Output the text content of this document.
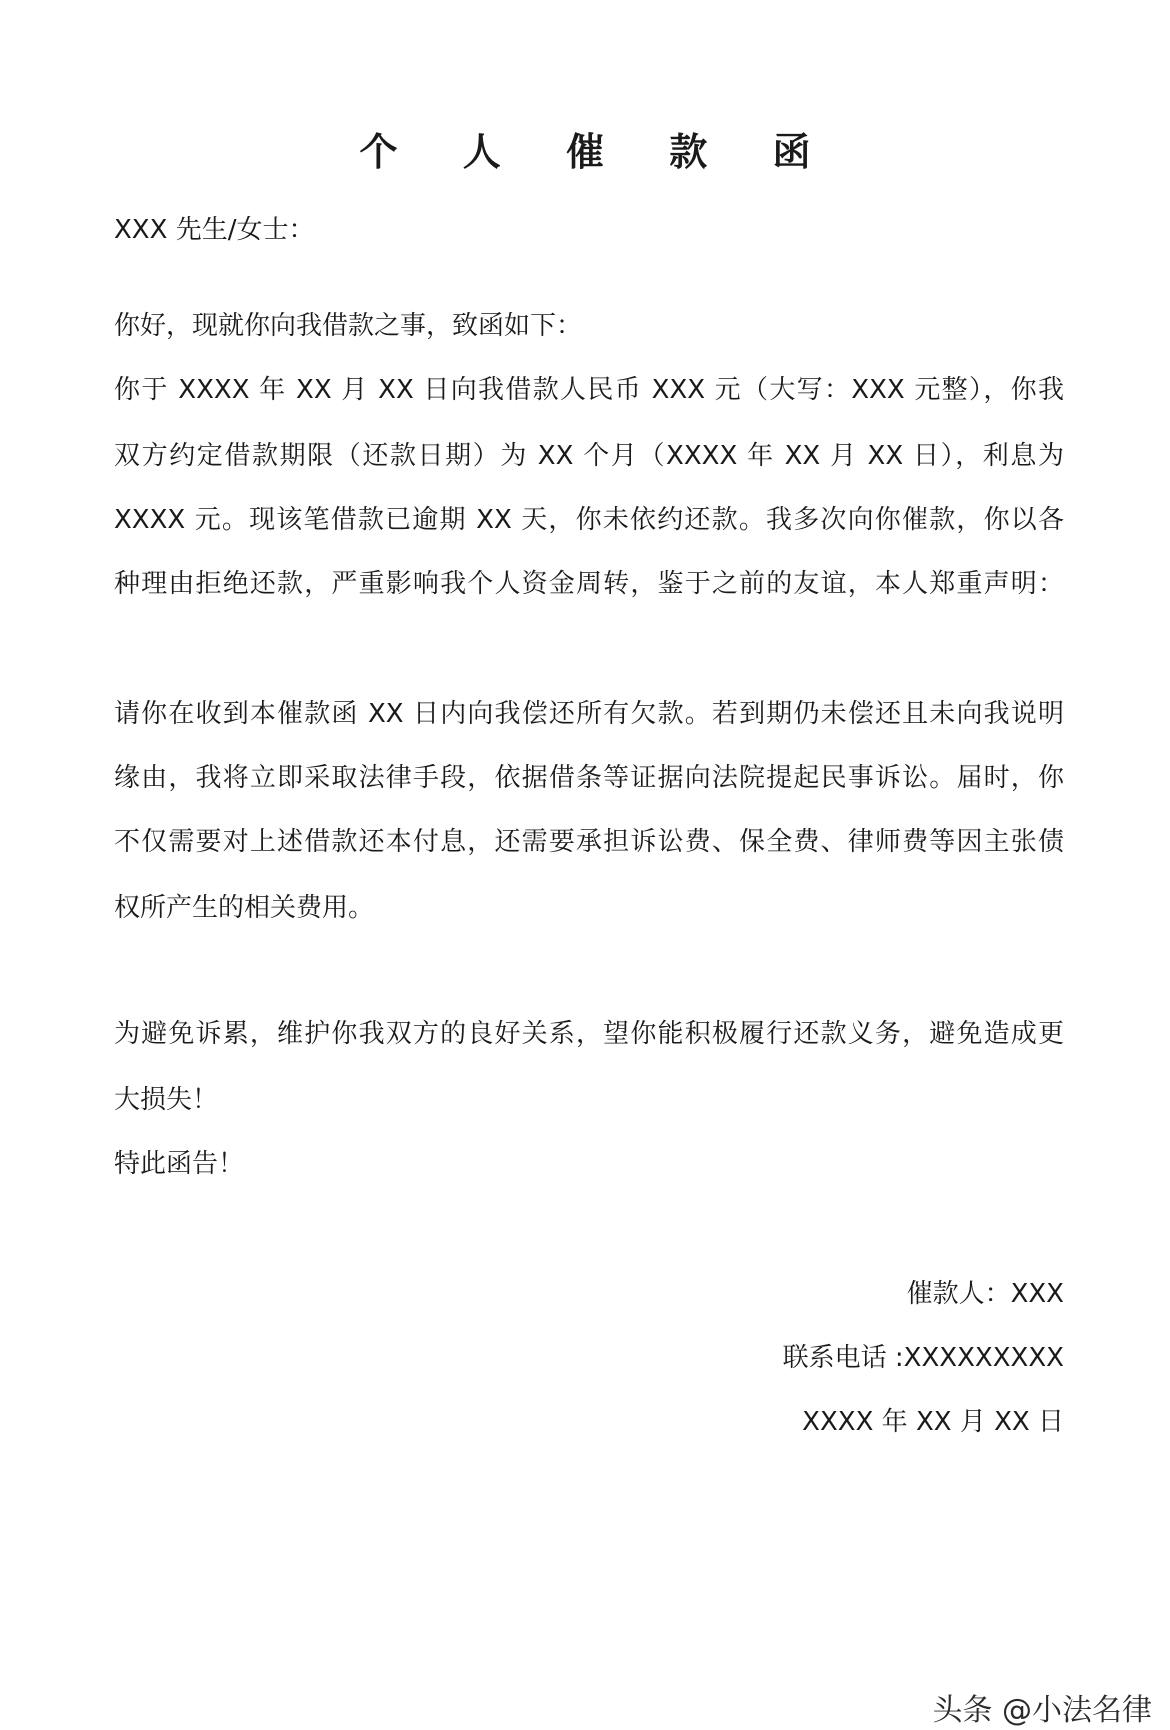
个 人 催 款 函
XXX 先生/女士：
你好，现就你向我借款之事，致函如下：
你于 XXXX 年 XX 月 XX 日向我借款人民币 XXX 元（大写：XXX 元整），你我
双方约定借款期限（还款日期）为 XX 个月（XXXX 年 XX 月 XX 日），利息为
XXXX 元。现该笔借款已逾期 XX 天，你未依约还款。我多次向你催款，你以各
种理由拒绝还款，严重影响我个人资金周转，鉴于之前的友谊，本人郑重声明：
请你在收到本催款函 XX 日内向我偿还所有欠款。若到期仍未偿还且未向我说明
缘由，我将立即采取法律手段，依据借条等证据向法院提起民事诉讼。届时，你
不仅需要对上述借款还本付息，还需要承担诉讼费、保全费、律师费等因主张债
权所产生的相关费用。
为避免诉累，维护你我双方的良好关系，望你能积极履行还款义务，避免造成更
大损失！
特此函告！
催款人：XXX
联系电话 :XXXXXXXXX
XXXX 年 XX 月 XX 日
头条 @小法名律
